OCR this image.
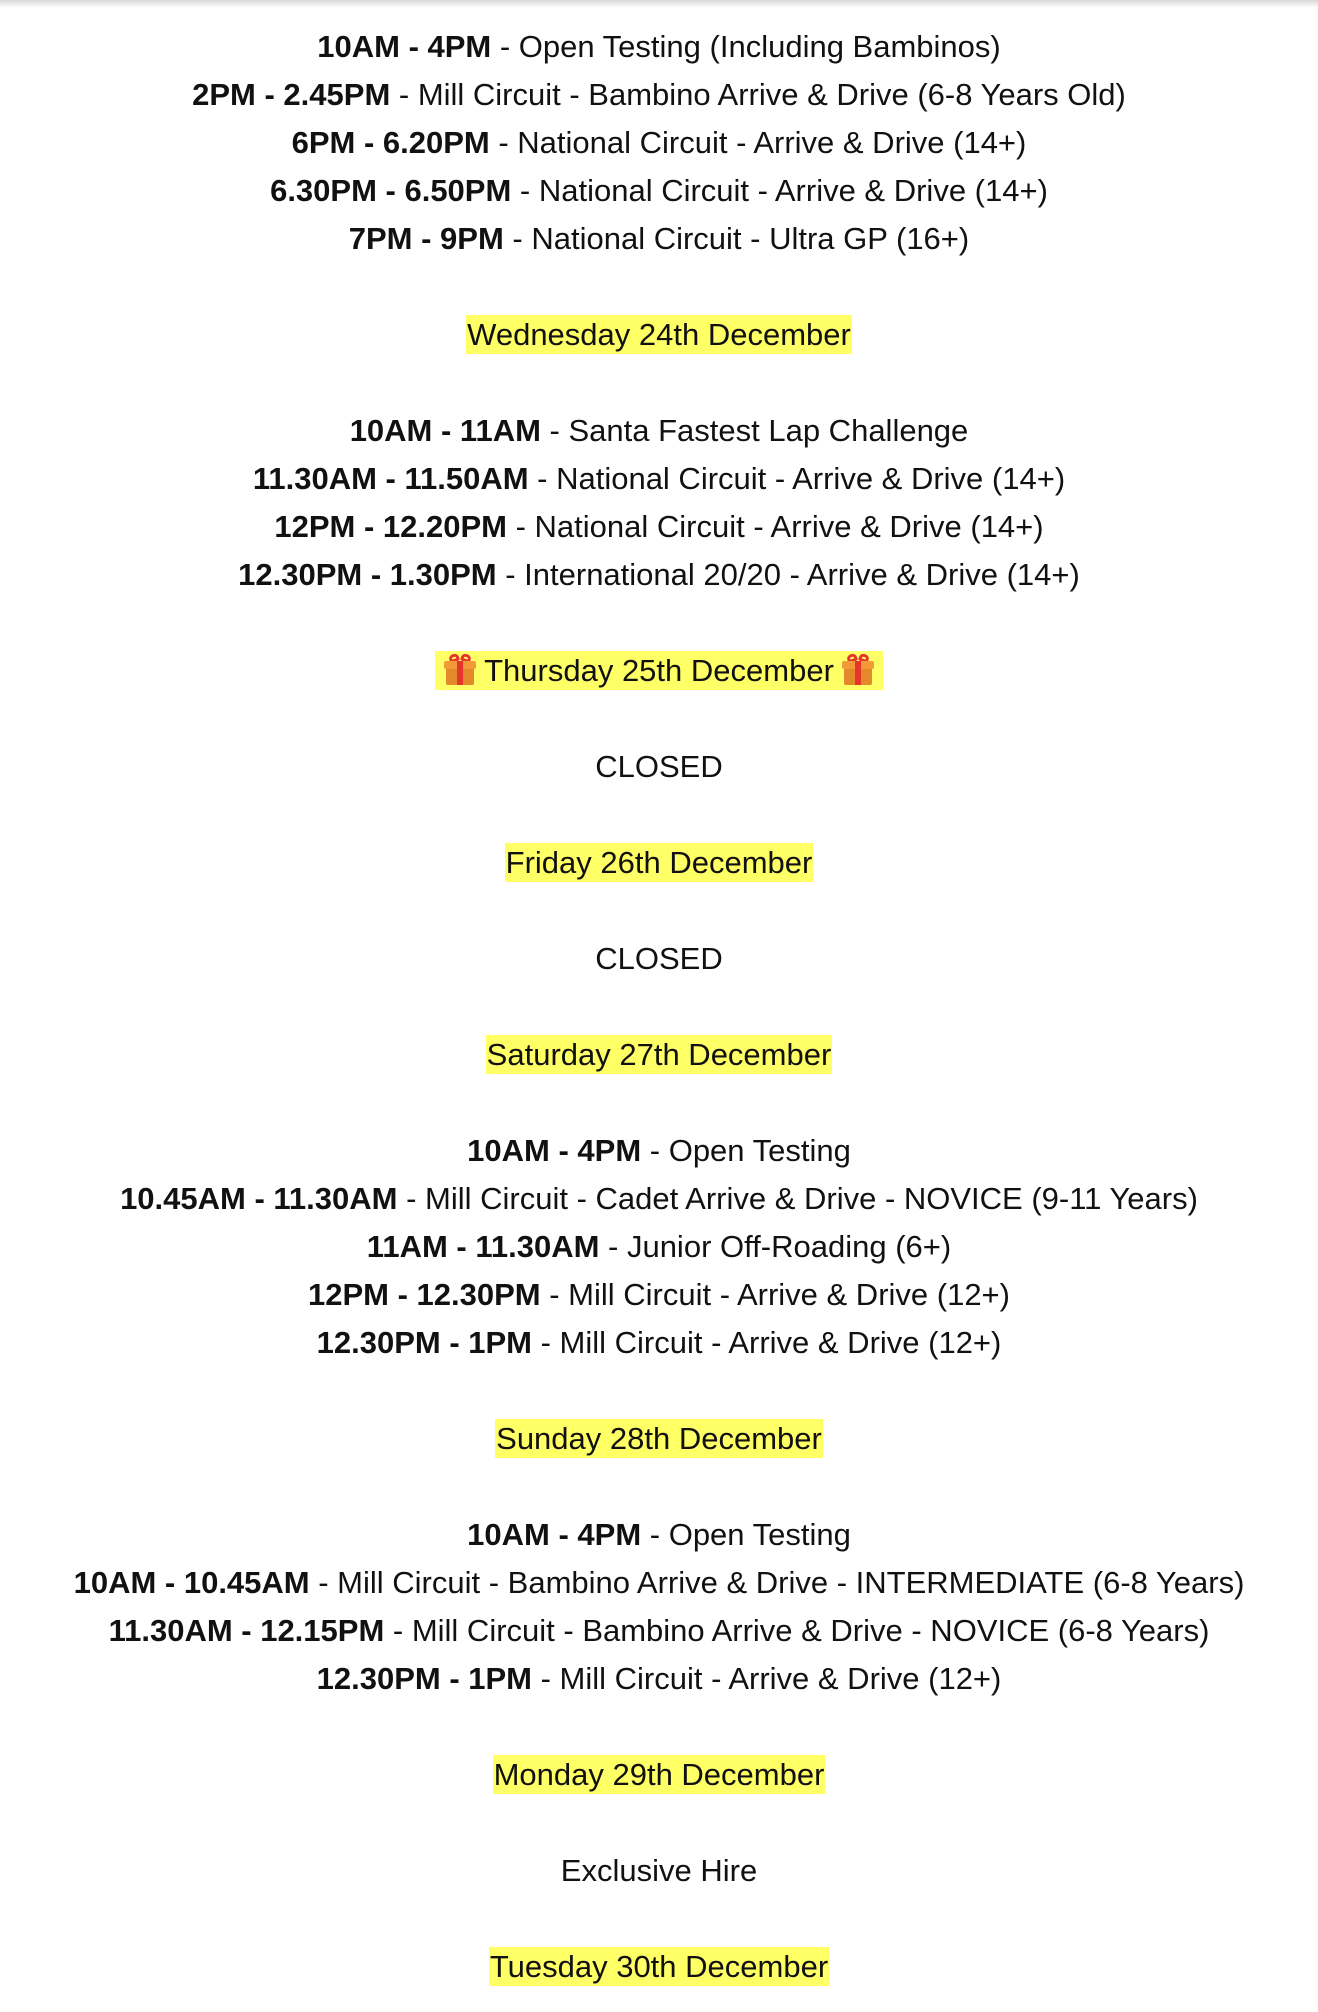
10AM - 4PM - Open Testing (Including Bambinos)
2PM - 2.45PM - Mill Circuit - Bambino Arrive & Drive (6-8 Years Old)
6PM - 6.20PM - National Circuit - Arrive & Drive (14+)
6.30PM - 6.50PM - National Circuit - Arrive & Drive (14+)
7PM - 9PM - National Circuit - Ultra GP (16+)
Wednesday 24th December
10AM - 11AM - Santa Fastest Lap Challenge
11.30AM - 11.50AM - National Circuit - Arrive & Drive (14+)
12PM - 12.20PM - National Circuit - Arrive & Drive (14+)
12.30PM - 1.30PM - International 20/20 - Arrive & Drive (14+)
Thursday 25th December
CLOSED
Friday 26th December
CLOSED
Saturday 27th December
10AM - 4PM - Open Testing
10.45AM - 11.30AM - Mill Circuit - Cadet Arrive & Drive - NOVICE (9-11 Years)
11AM - 11.30AM - Junior Off-Roading (6+)
12PM - 12.30PM - Mill Circuit - Arrive & Drive (12+)
12.30PM - 1PM - Mill Circuit - Arrive & Drive (12+)
Sunday 28th December
10AM - 4PM - Open Testing
10AM - 10.45AM - Mill Circuit - Bambino Arrive & Drive - INTERMEDIATE (6-8 Years)
11.30AM - 12.15PM - Mill Circuit - Bambino Arrive & Drive - NOVICE (6-8 Years)
12.30PM - 1PM - Mill Circuit - Arrive & Drive (12+)
Monday 29th December
Exclusive Hire
Tuesday 30th December
